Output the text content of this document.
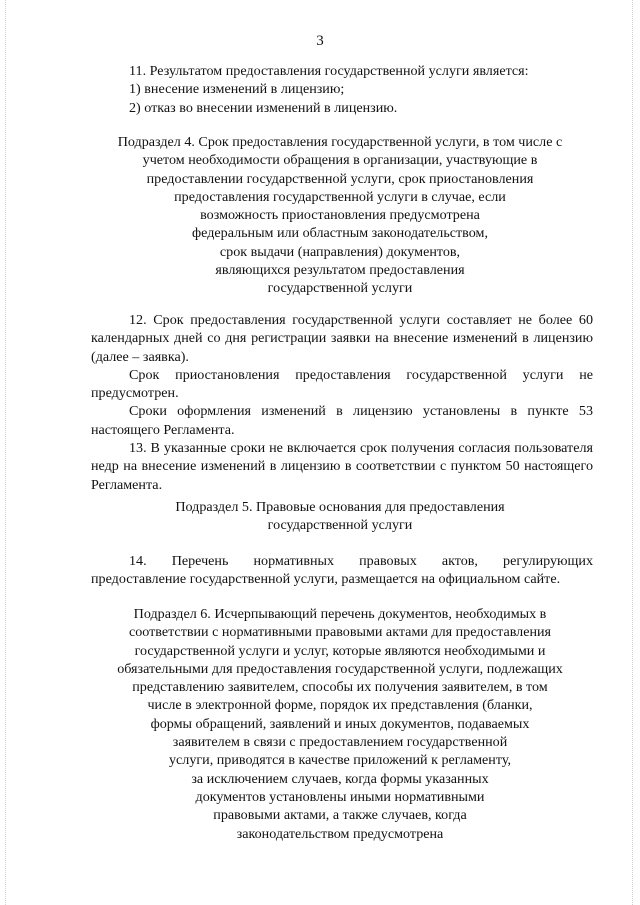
3

11. Результатом предоставления государственной услуги является:

1) внесение изменений в лицензию;

2) отказ во внесении изменений в лицензию.

Подраздел 4. Срок предоставления государственной услуги, в том числе с
учетом необходимости обращения в организации, участвующие в
предоставлении государственной услуги, срок приостановления
предоставления государственной услуги в случае, если
возможность приостановления предусмотрена
федеральным или областным законодательством,
срок выдачи (направления) документов,
являющихся результатом предоставления
государственной услуги

12. Срок предоставления государственной услуги составляет не более 60 календарных дней со дня регистрации заявки на внесение изменений в лицензию (далее – заявка).

Срок приостановления предоставления государственной услуги не предусмотрен.

Сроки оформления изменений в лицензию установлены в пункте 53 настоящего Регламента.

13. В указанные сроки не включается срок получения согласия пользователя недр на внесение изменений в лицензию в соответствии с пунктом 50 настоящего Регламента.

Подраздел 5. Правовые основания для предоставления
государственной услуги
14. Перечень нормативных правовых актов, регулирующих
предоставление государственной услуги, размещается на официальном сайте.
Подраздел 6. Исчерпывающий перечень документов, необходимых в
соответствии с нормативными правовыми актами для предоставления
государственной услуги и услуг, которые являются необходимыми и
обязательными для предоставления государственной услуги, подлежащих
представлению заявителем, способы их получения заявителем, в том
числе в электронной форме, порядок их представления (бланки,
формы обращений, заявлений и иных документов, подаваемых
заявителем в связи с предоставлением государственной
услуги, приводятся в качестве приложений к регламенту,
за исключением случаев, когда формы указанных
документов установлены иными нормативными
правовыми актами, а также случаев, когда
законодательством предусмотрена
